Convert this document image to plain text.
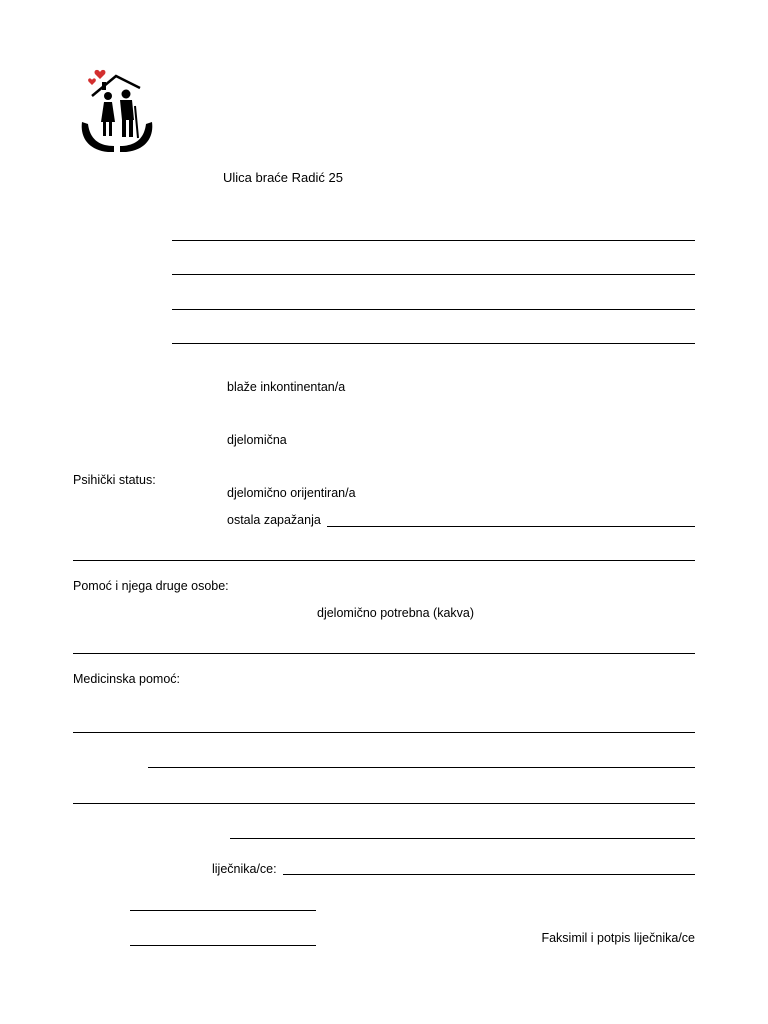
Ulica braće Radić 25
blaže inkontinentan/a
djelomična
Psihički status:
djelomično orijentiran/a
ostala zapažanja
Pomoć i njega druge osobe:
djelomično potrebna (kakva)
Medicinska pomoć:
liječnika/ce:
Faksimil i potpis liječnika/ce
